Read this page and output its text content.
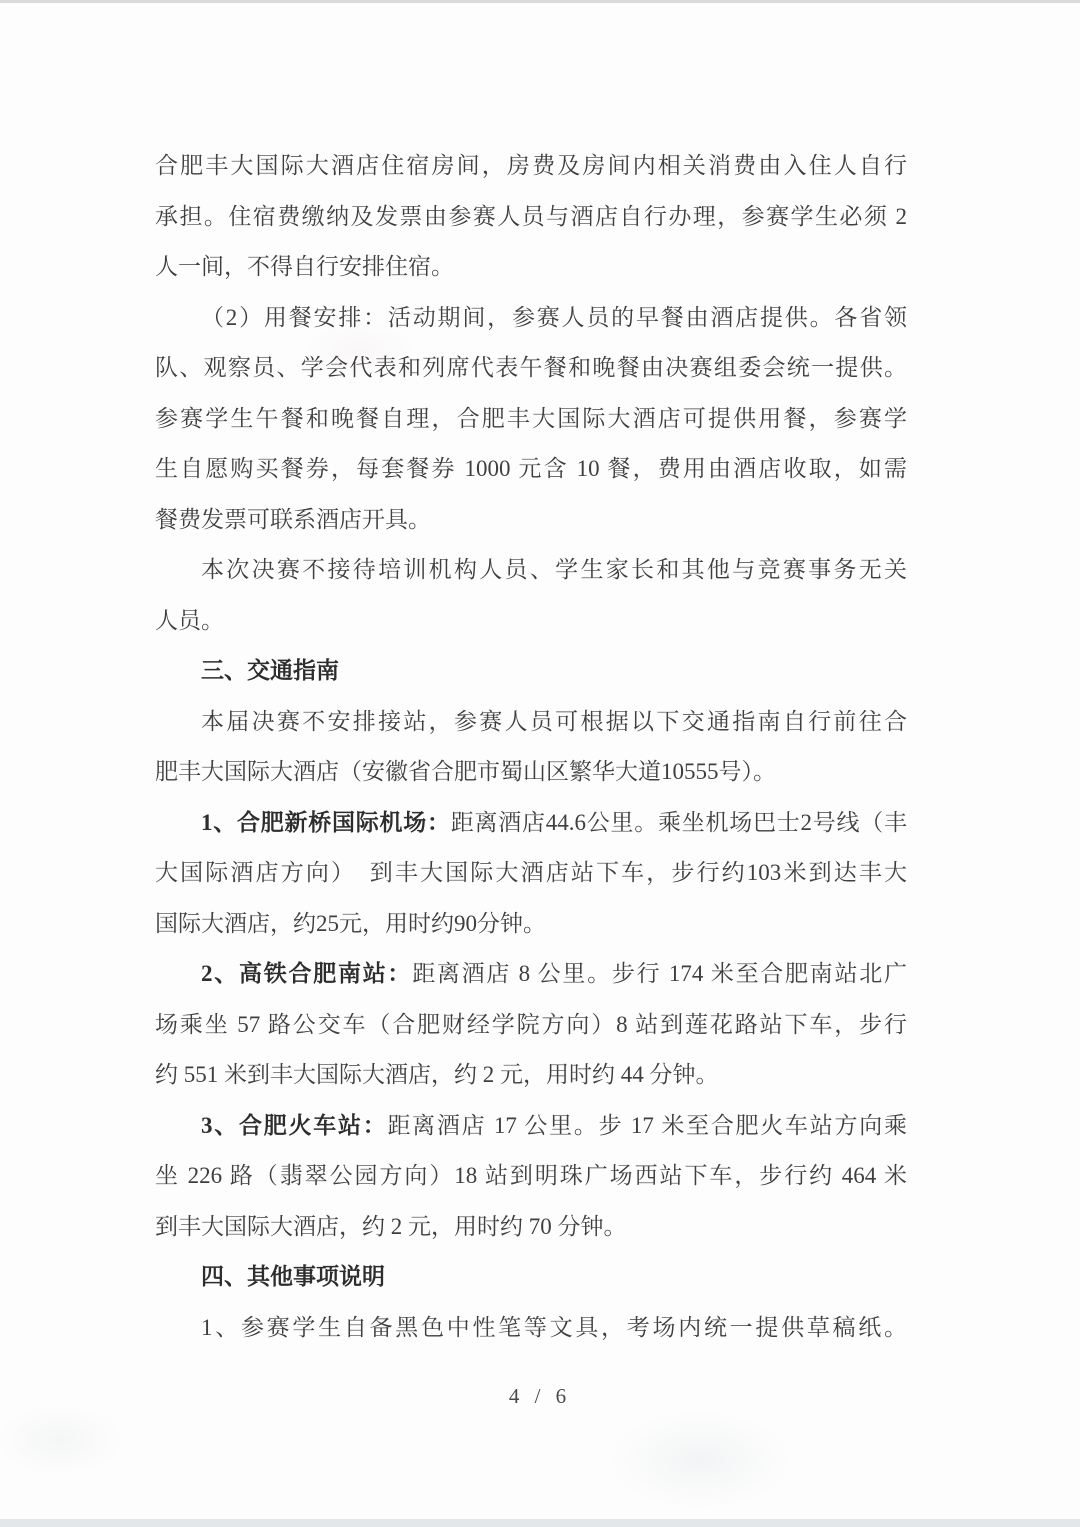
合肥丰大国际大酒店住宿房间，房费及房间内相关消费由入住人自行
承担。住宿费缴纳及发票由参赛人员与酒店自行办理，参赛学生必须 2
人一间，不得自行安排住宿。
（2）用餐安排：活动期间，参赛人员的早餐由酒店提供。各省领
队、观察员、学会代表和列席代表午餐和晚餐由决赛组委会统一提供。
参赛学生午餐和晚餐自理，合肥丰大国际大酒店可提供用餐，参赛学
生自愿购买餐券，每套餐券 1000 元含 10 餐，费用由酒店收取，如需
餐费发票可联系酒店开具。
本次决赛不接待培训机构人员、学生家长和其他与竞赛事务无关
人员。
三、交通指南
本届决赛不安排接站，参赛人员可根据以下交通指南自行前往合
肥丰大国际大酒店（安徽省合肥市蜀山区繁华大道10555号）。
1、合肥新桥国际机场：距离酒店44.6公里。乘坐机场巴士2号线（丰
大国际酒店方向）　到丰大国际大酒店站下车，步行约103米到达丰大
国际大酒店，约25元，用时约90分钟。
2、高铁合肥南站：距离酒店 8 公里。步行 174 米至合肥南站北广
场乘坐 57 路公交车（合肥财经学院方向）8 站到莲花路站下车，步行
约 551 米到丰大国际大酒店，约 2 元，用时约 44 分钟。
3、合肥火车站：距离酒店 17 公里。步 17 米至合肥火车站方向乘
坐 226 路（翡翠公园方向）18 站到明珠广场西站下车，步行约 464 米
到丰大国际大酒店，约 2 元，用时约 70 分钟。
四、其他事项说明
1、参赛学生自备黑色中性笔等文具，考场内统一提供草稿纸。
4 / 6
